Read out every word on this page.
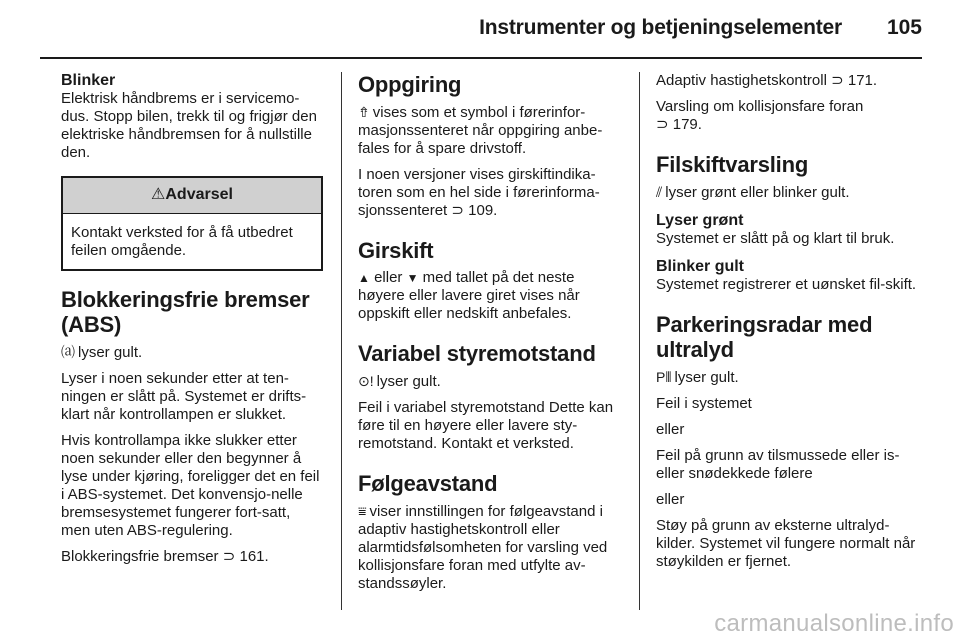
Instrumenter og betjeningselementer 105
Blinker

Elektrisk håndbrems er i servicemo-dus. Stopp bilen, trekk til og frigjør den elektriske håndbremsen for å nullstille den.

⚠Advarsel
Kontakt verksted for å få utbedret feilen omgående.
Blokkeringsfrie bremser (ABS)

⒜ lyser gult.

Lyser i noen sekunder etter at ten-ningen er slått på. Systemet er drifts-klart når kontrollampen er slukket.

Hvis kontrollampa ikke slukker etter noen sekunder eller den begynner å lyse under kjøring, foreligger det en feil i ABS-systemet. Det konvensjo-nelle bremsesystemet fungerer fort-satt, men uten ABS-regulering.

Blokkeringsfrie bremser ⊃ 161.

Oppgiring

⇮ vises som et symbol i førerinfor-masjonssenteret når oppgiring anbe-fales for å spare drivstoff.

I noen versjoner vises girskiftindika-toren som en hel side i førerinforma-sjonssenteret ⊃ 109.

Girskift

▲ eller ▼ med tallet på det neste høyere eller lavere giret vises når oppskift eller nedskift anbefales.

Variabel styremotstand

⊙! lyser gult.

Feil i variabel styremotstand Dette kan føre til en høyere eller lavere sty-remotstand. Kontakt et verksted.

Følgeavstand

⩸ viser innstillingen for følgeavstand i adaptiv hastighetskontroll eller alarmtidsfølsomheten for varsling ved kollisjonsfare foran med utfylte av-standssøyler.

Adaptiv hastighetskontroll ⊃ 171.

Varsling om kollisjonsfare foran
⊃ 179.

Filskiftvarsling

⫽ lyser grønt eller blinker gult.

Lyser grønt

Systemet er slått på og klart til bruk.

Blinker gult

Systemet registrerer et uønsket fil-skift.

Parkeringsradar med ultralyd

P⦀ lyser gult.

Feil i systemet

eller

Feil på grunn av tilsmussede eller is- eller snødekkede følere

eller

Støy på grunn av eksterne ultralyd-kilder. Systemet vil fungere normalt når støykilden er fjernet.

carmanualsonline.info
